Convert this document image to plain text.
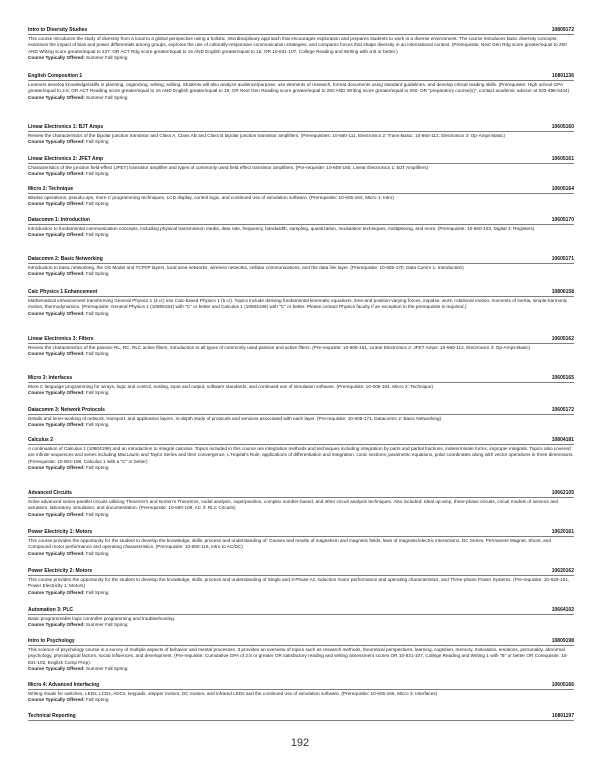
Intro to Diversity Studies	10809172
This course introduces the study of diversity from a local to a global perspective using a holistic, interdisciplinary approach that encourages exploration and prepares students to work in a diverse environment. The course introduces basic diversity concepts, examines the impact of bias and power differentials among groups, explores the use of culturally-responsive communication strategies, and compares forces that shape diversity in an international context. (Prerequisite: Next Gen Rdg score greater/equal to 250 AND Writing score greater/equal to 237; OR ACT Rdg score greater/equal to 16 AND English greater/equal to 15; OR 10-831-107, College Reading and Writing with a B or better.)
Course Typically Offered: Summer Fall Spring
English Composition 1	10801136
Learners develop knowledge/skills in planning, organizing, writing, editing. Students will also analyze audience/purpose, use elements of research, format documents using standard guidelines, and develop critical reading skills. (Prerequisite: High school GPA greater/equal to 2.6; OR ACT Reading score greater/equal to 16 AND English greater/equal to 18; OR Next Gen Reading score greater/equal to 250 AND Writing score greater/equal to 250; OR "preparatory course(s)", contact academic advisor at 920-498-5444)
Course Typically Offered: Summer Fall Spring
Linear Electronics 1: BJT Amps	10605160
Review the characteristics of the bipolar junction transistor and Class A, Class AB and Class B bipolar junction transistor amplifiers. (Prerequisites: 10-660-111, Electronics 2: Trans-Basic; 10-660-112, Electronics 3: Op-Amps-Basic)
Course Typically Offered: Fall Spring
Linear Electronics 2: JFET Amp	10605161
Characteristics of the junction field-effect (JFET) transistor amplifier and types of commonly used field effect transistor amplifiers. (Pre-requisite: 10-605-160, Linear Electronics 1: BJT Amplifiers)
Course Typically Offered: Fall Spring
Micro 2: Technique	10605164
Bitwise operations, pseudo-ops, more C programming techniques, LCD display, control logic, and continued use of simulation software. (Prerequisite: 10-605-163, Micro 1: Intro)
Course Typically Offered: Fall Spring
Datacomm 1: Introduction	10605170
Introduction to fundamental communication concepts, including physical transmission media, data rate, frequency, bandwidth, sampling, quantization, modulation techniques, multiplexing, and more. (Prerequisite: 10-660-103, Digital 3: Registers)
Course Typically Offered: Fall Spring
Datacomm 2: Basic Networking	10605171
Introduction to basic networking, the OS Model and TCP/IP layers, local area networks, wireless networks, cellular communications, and the data link layer. (Prerequisite: 10-605-170, Data Comm 1: Introduction)
Course Typically Offered: Fall Spring
Calc Physics 1 Enhancement	10806158
Mathematical enhancement transforming General Physics 1 (4 cr) into Calc-based Physics 1 (5 cr). Topics include deriving fundamental kinematic equations, time-and position-varying forces, impulse, work, rotational motion, moments of inertia, simple-harmonic motion, thermodynamics. (Prerequisite: General Physics 1 (10806154) with "C" or better and Calculus 1 (10804198) with "C" or better. Please contact Physics faculty if an exception to the prerequisite is required.)
Course Typically Offered: Fall Spring
Linear Electronics 3: Filters	10605162
Review the characteristics of the passive RL, RC, RLC active filters, introduction to all types of commonly used passive and active filters. (Pre-requisite: 10-605-161, Linear Electronics 2: JFET Amps; 10-660-112, Electronics 3: Op-Amps-Basic)
Course Typically Offered: Fall Spring
Micro 3: Interfaces	10605165
More C language programming for arrays, logic and control, scaling, input and output, software standards, and continued use of simulation software. (Prerequisite: 10-605-164, Micro 2: Technique)
Course Typically Offered: Fall Spring
Datacomm 3: Network Protocols	10605172
Details and inner-working of network, transport, and application layers. In-depth study of protocols and services associated with each layer. (Pre-requisite: 10-605-171, Datacomm 2: Basic Networking)
Course Typically Offered: Fall Spring
Calculus 2	10804181
A continuation of Calculus 1 (10804198) and an introduction to integral calculus. Topics included in this course are integration methods and techniques including integration by parts and partial fractions, indeterminate forms, improper integrals. Topics also covered are infinite sequences and series including MacLaurin and Taylor Series and their convergence, L'Hopital's Rule, applications of differentiation and integration, conic sections, parametric equations, polar coordinates along with vector operations in three dimensions. (Prerequisite: 10-804-198, Calculus 1 with a "C" or better)
Course Typically Offered: Fall Spring
Advanced Circuits	10662105
Solve advanced series-parallel circuits utilizing Thevenin's and Norton's Theorems, nodal analysis, superposition, complex number-based, and other circuit analysis techniques. Also included: Ideal op-amp, three-phase circuits, circuit models of sensors and actuators, laboratory, simulation, and documentation. (Prerequisite: 10-660-109, AC 3: RLC Circuits)
Course Typically Offered: Fall Spring
Power Electricity 1: Motors	10620161
This course provides the opportunity for the student to develop the knowledge, skills, process and understanding of: Causes and results of magnetism and magnetic fields, laws of magnetic/electric interactions, DC Series, Permanent Magnet, Shunt, and Compound motor performance and operating characteristics. (Prerequisite: 10-660-116, Intro to AC/DC)
Course Typically Offered: Fall Spring
Power Electricity 2: Motors	10620162
This course provides the opportunity for the student to develop the knowledge, skills, process and understanding of Single and 3-Phase AC induction motor performance and operating characteristics, and Three-phase Power Systems. (Pre-requisite: 10-620-161, Power Electricity 1: Motors)
Course Typically Offered: Fall Spring
Automation 3: PLC	10664102
Basic programmable logic controller programming and troubleshooting.
Course Typically Offered: Summer Fall Spring
Intro to Psychology	10809198
This science of psychology course is a survey of multiple aspects of behavior and mental processes. It provides an overview of topics such as research methods, theoretical perspectives, learning, cognition, memory, motivation, emotions, personality, abnormal psychology, physiological factors, social influences, and development. (Pre-requisite: Cumulative GPA of 2.6 or greater OR satisfactory reading and writing assessment scores OR 10-831-107, College Reading and Writing 1 with "B" or better OR Corequisite: 10-831-102, English Comp Prep).
Course Typically Offered: Summer Fall Spring
Micro 4: Advanced Interfacing	10605166
Writing rituals for switches, LEDs, LCDs, ADCs, keypads, stepper motors, DC motors, and infrared LEDs and the continued use of simulation software. (Prerequisite: 10-605-165, Micro 3: Interfaces)
Course Typically Offered: Fall Spring
Technical Reporting	10801197
192
